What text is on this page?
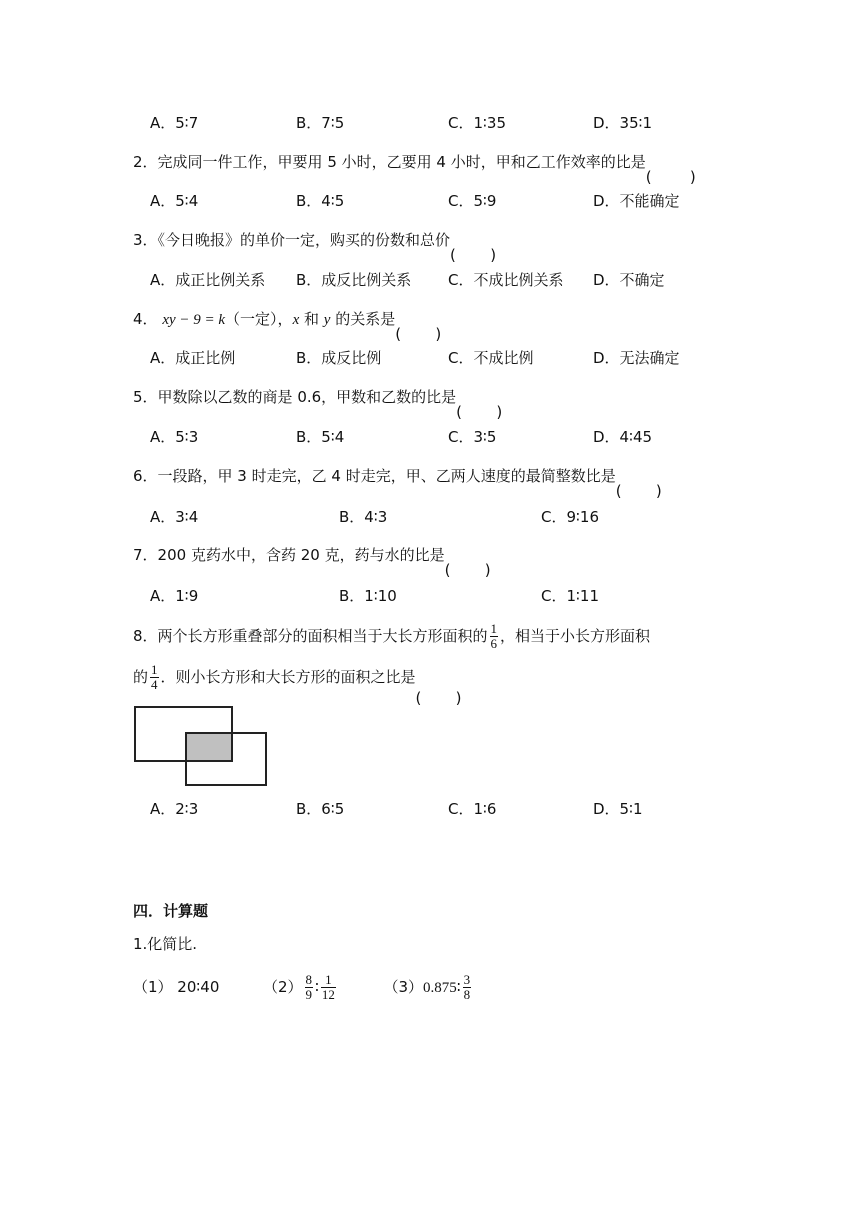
A．5∶7	B．7∶5	C．1∶35	D．35∶1
2．完成同一件工作，甲要用 5 小时，乙要用 4 小时，甲和乙工作效率的比是
(	)
A．5∶4	B．4∶5	C．5∶9	D．不能确定
3．《今日晚报》的单价一定，购买的份数和总价
( )
A．成正比例关系 B．成反比例关系 C．不成比例关系 D．不确定
4． xy − 9 = k（一定），x 和 y 的关系是
( )
A．成正比例	B．成反比例	C．不成比例	D．无法确定
5．甲数除以乙数的商是 0.6，甲数和乙数的比是
( )
A．5∶3	B．5∶4	C．3∶5	D．4∶45
6．一段路，甲 3 时走完，乙 4 时走完，甲、乙两人速度的最简整数比是
( )
A．3∶4	B．4∶3	C．9∶16
7．200 克药水中，含药 20 克，药与水的比是
( )
A．1∶9	B．1∶10	C．1∶11
8．两个长方形重叠部分的面积相当于大长方形面积的 $\frac{1}{6}$ ，相当于小长方形面积
的 $\frac{1}{4}$ ．则小长方形和大长方形的面积之比是
( )
A．2∶3	B．6∶5	C．1∶6	D．5∶1
四．计算题
1.化简比.
（1） 20∶40	$(2) \frac{8}{9}$ ∶ $\frac{1}{12}$	（3）0.875∶ $\frac{3}{8}$
